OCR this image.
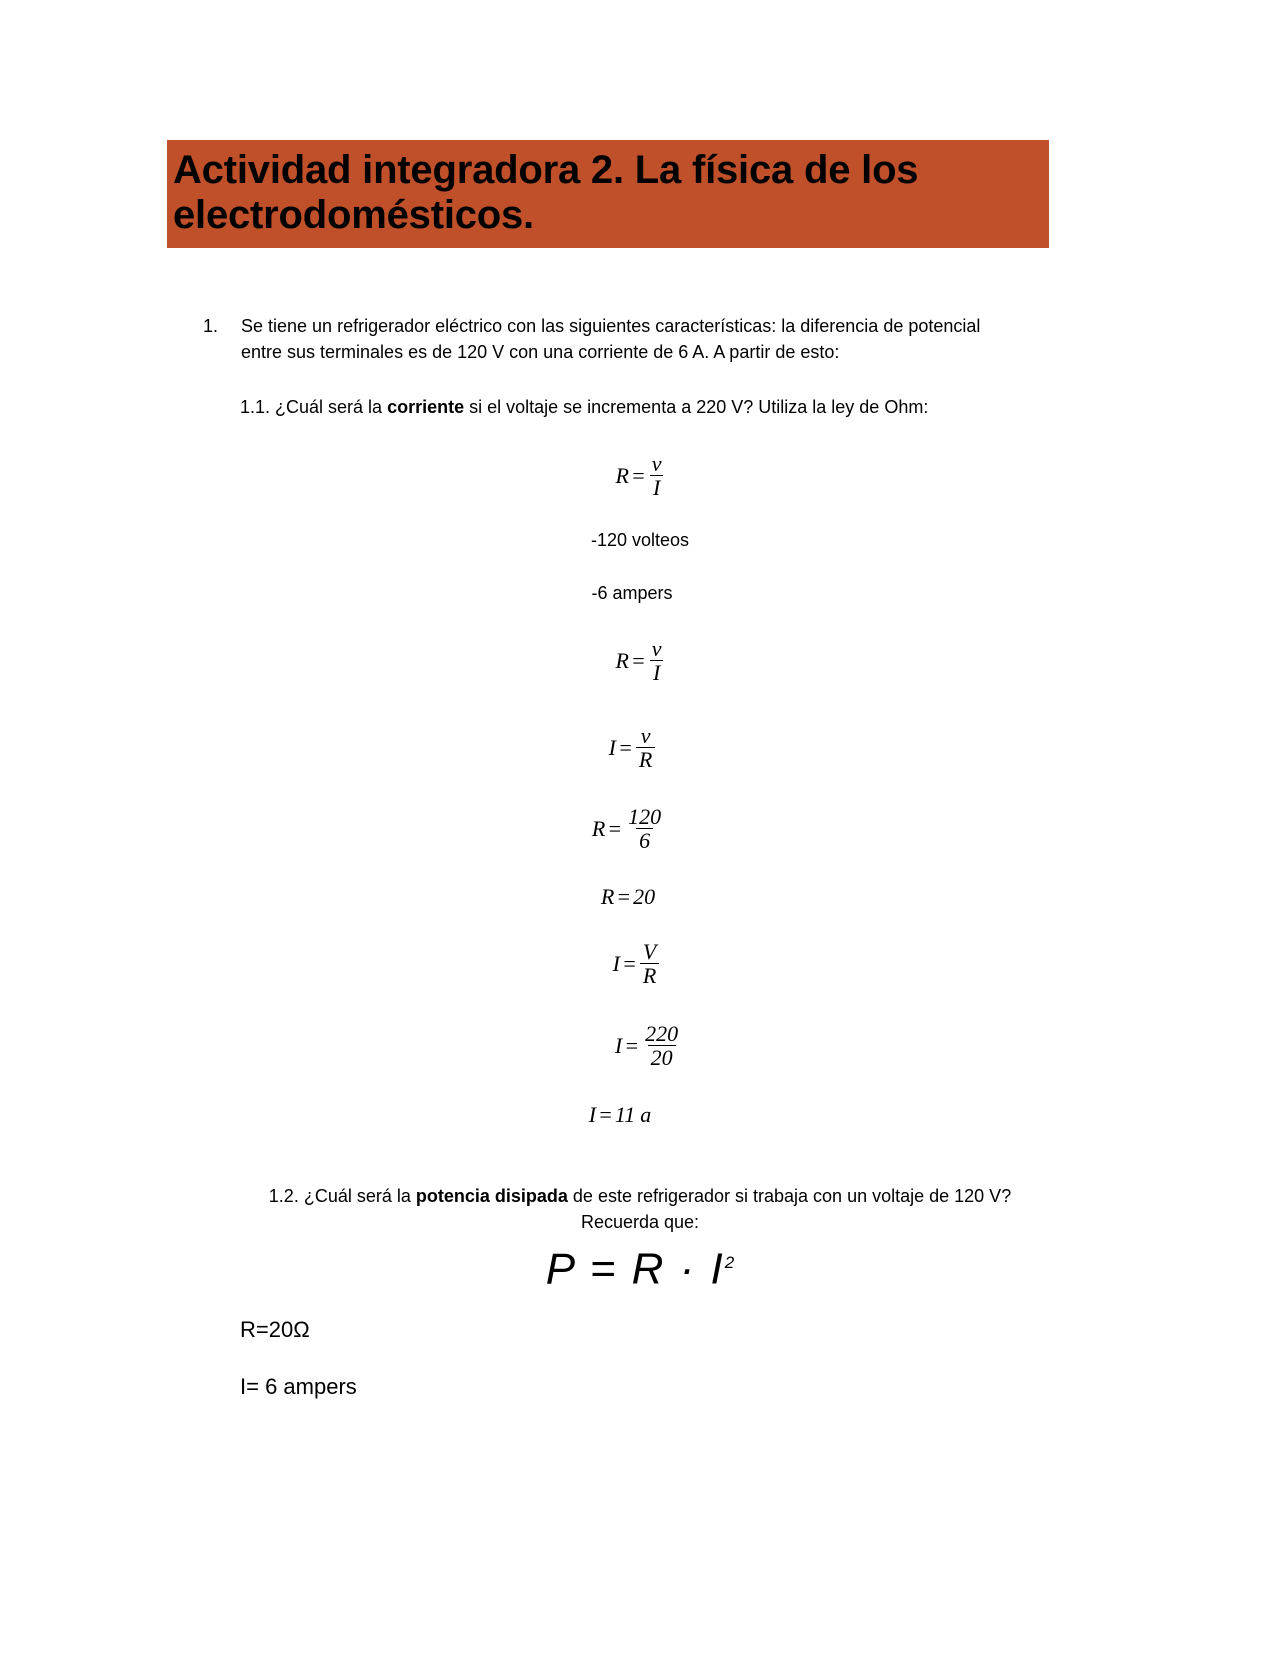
Actividad integradora 2. La física de los electrodomésticos.
1.	Se tiene un refrigerador eléctrico con las siguientes características: la diferencia de potencial entre sus terminales es de 120 V con una corriente de 6 A. A partir de esto:
1.1. ¿Cuál será la corriente si el voltaje se incrementa a 220 V? Utiliza la ley de Ohm:
$R = \frac{v}{I}$
-120 volteos
-6 ampers
$R = \frac{v}{I}$
$I = \frac{v}{R}$
$R = \frac{120}{6}$
R = 20
$I = \frac{V}{R}$
$I = \frac{220}{20}$
I = 11 a
1.2. ¿Cuál será la potencia disipada de este refrigerador si trabaja con un voltaje de 120 V? Recuerda que:
$P = R \cdot I^2$
R=20Ω
I= 6 ampers
